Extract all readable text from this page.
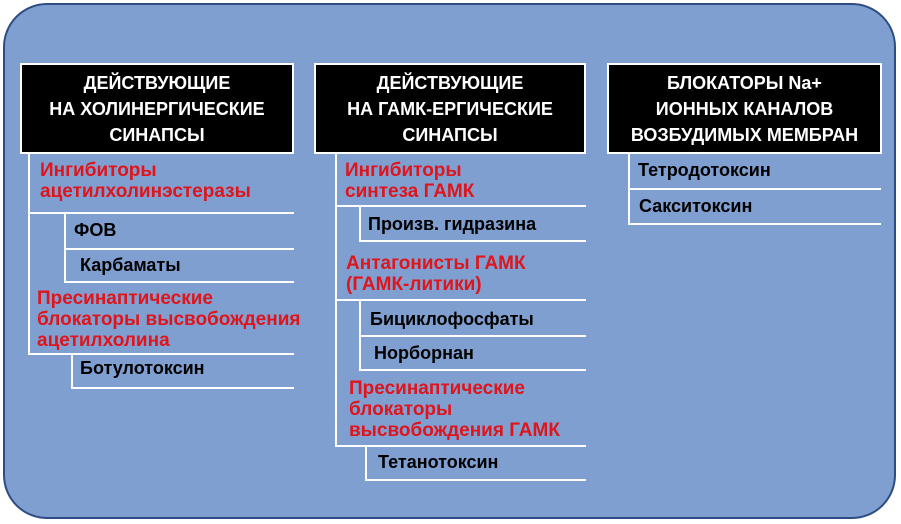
ДЕЙСТВУЮЩИЕ
НА ХОЛИНЕРГИЧЕСКИЕ
СИНАПСЫ
Ингибиторы
ацетилхолинэстеразы
ФОВ
Карбаматы
Пресинаптические
блокаторы высвобождения
ацетилхолина
Ботулотоксин
ДЕЙСТВУЮЩИЕ
НА ГАМК-ЕРГИЧЕСКИЕ
СИНАПСЫ
Ингибиторы
синтеза ГАМК
Произв. гидразина
Антагонисты ГАМК
(ГАМК-литики)
Бициклофосфаты
Норборнан
Пресинаптические
блокаторы
высвобождения ГАМК
Тетанотоксин
БЛОКАТОРЫ Na+
ИОННЫХ КАНАЛОВ
ВОЗБУДИМЫХ МЕМБРАН
Тетродотоксин
Сакситоксин
